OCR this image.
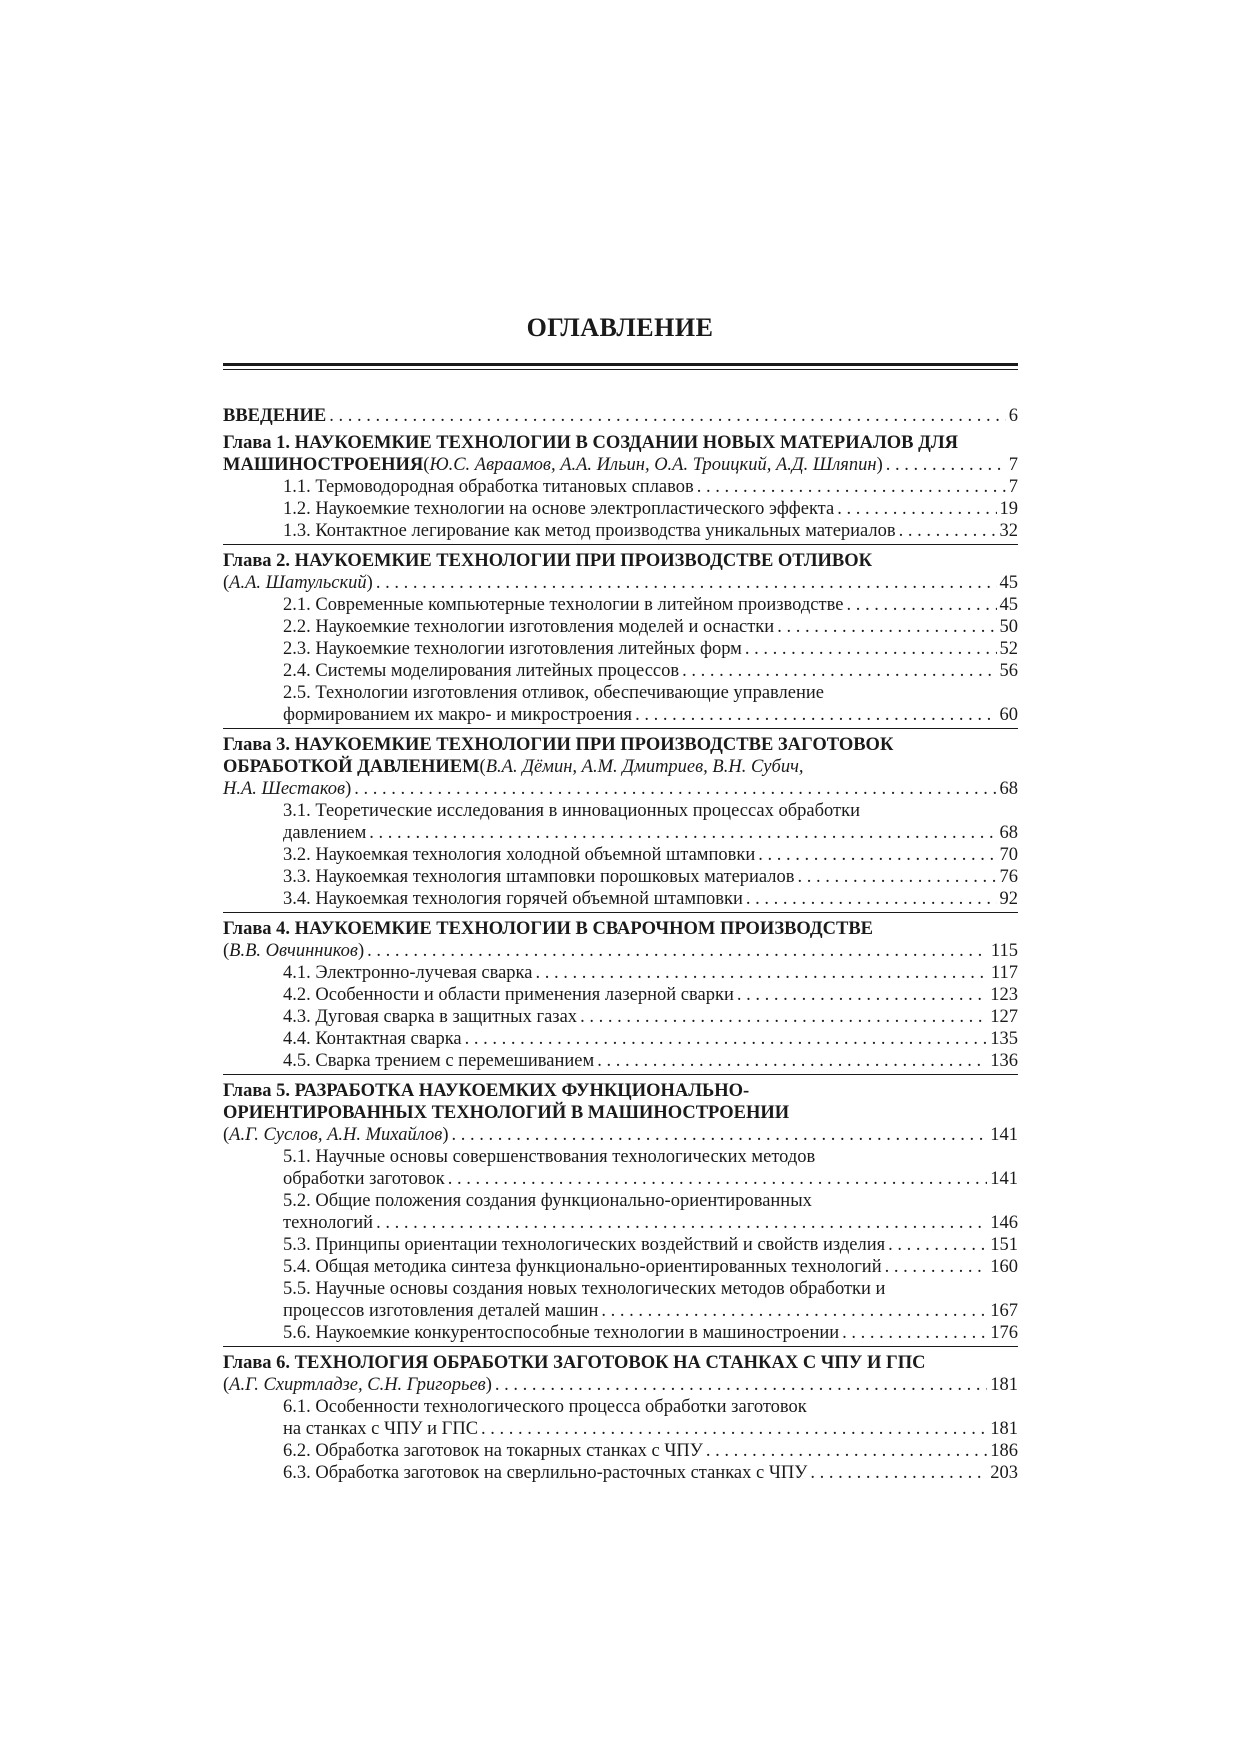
ОГЛАВЛЕНИЕ
ВВЕДЕНИЕ . . .	6
Глава 1. НАУКОЕМКИЕ ТЕХНОЛОГИИ В СОЗДАНИИ НОВЫХ МАТЕРИАЛОВ ДЛЯ
МАШИНОСТРОЕНИЯ ( Ю.С. Авраамов, А.А. Ильин, О.А. Троицкий, А.Д. Шляпин ) . . .	7
1.1. Термоводородная обработка титановых сплавов . . .	7
1.2. Наукоемкие технологии на основе электропластического эффекта . . .	19
1.3. Контактное легирование как метод производства уникальных материалов . . .	32
Глава 2. НАУКОЕМКИЕ ТЕХНОЛОГИИ ПРИ ПРОИЗВОДСТВЕ ОТЛИВОК
( А.А. Шатульский ) . . .	45
2.1. Современные компьютерные технологии в литейном производстве . . .	45
2.2. Наукоемкие технологии изготовления моделей и оснастки . . .	50
2.3. Наукоемкие технологии изготовления литейных форм . . .	52
2.4. Системы моделирования литейных процессов . . .	56
2.5. Технологии изготовления отливок, обеспечивающие управление
формированием их макро- и микростроения . . .	60
Глава 3. НАУКОЕМКИЕ ТЕХНОЛОГИИ ПРИ ПРОИЗВОДСТВЕ ЗАГОТОВОК
ОБРАБОТКОЙ ДАВЛЕНИЕМ ( В.А. Дёмин, А.М. Дмитриев, В.Н. Субич,
Н.А. Шестаков ) . . .	68
3.1. Теоретические исследования в инновационных процессах обработки
давлением . . .	68
3.2. Наукоемкая технология холодной объемной штамповки . . .	70
3.3. Наукоемкая технология штамповки порошковых материалов . . .	76
3.4. Наукоемкая технология горячей объемной штамповки . . .	92
Глава 4. НАУКОЕМКИЕ ТЕХНОЛОГИИ В СВАРОЧНОМ ПРОИЗВОДСТВЕ
( В.В. Овчинников ) . . .	115
4.1. Электронно-лучевая сварка . . .	117
4.2. Особенности и области применения лазерной сварки . . .	123
4.3. Дуговая сварка в защитных газах . . .	127
4.4. Контактная сварка . . .	135
4.5. Сварка трением с перемешиванием . . .	136
Глава 5. РАЗРАБОТКА НАУКОЕМКИХ ФУНКЦИОНАЛЬНО-
ОРИЕНТИРОВАННЫХ ТЕХНОЛОГИЙ В МАШИНОСТРОЕНИИ
( А.Г. Суслов, А.Н. Михайлов ) . . .	141
5.1. Научные основы совершенствования технологических методов
обработки заготовок . . .	141
5.2. Общие положения создания функционально-ориентированных
технологий . . .	146
5.3. Принципы ориентации технологических воздействий и свойств изделия . . .	151
5.4. Общая методика синтеза функционально-ориентированных технологий . . .	160
5.5. Научные основы создания новых технологических методов обработки и
процессов изготовления деталей машин . . .	167
5.6. Наукоемкие конкурентоспособные технологии в машиностроении . . .	176
Глава 6. ТЕХНОЛОГИЯ ОБРАБОТКИ ЗАГОТОВОК НА СТАНКАХ С ЧПУ И ГПС
( А.Г. Схиртладзе, С.Н. Григорьев ) . . .	181
6.1. Особенности технологического процесса обработки заготовок
на станках с ЧПУ и ГПС . . .	181
6.2. Обработка заготовок на токарных станках с ЧПУ . . .	186
6.3. Обработка заготовок на сверлильно-расточных станках с ЧПУ . . .	203
